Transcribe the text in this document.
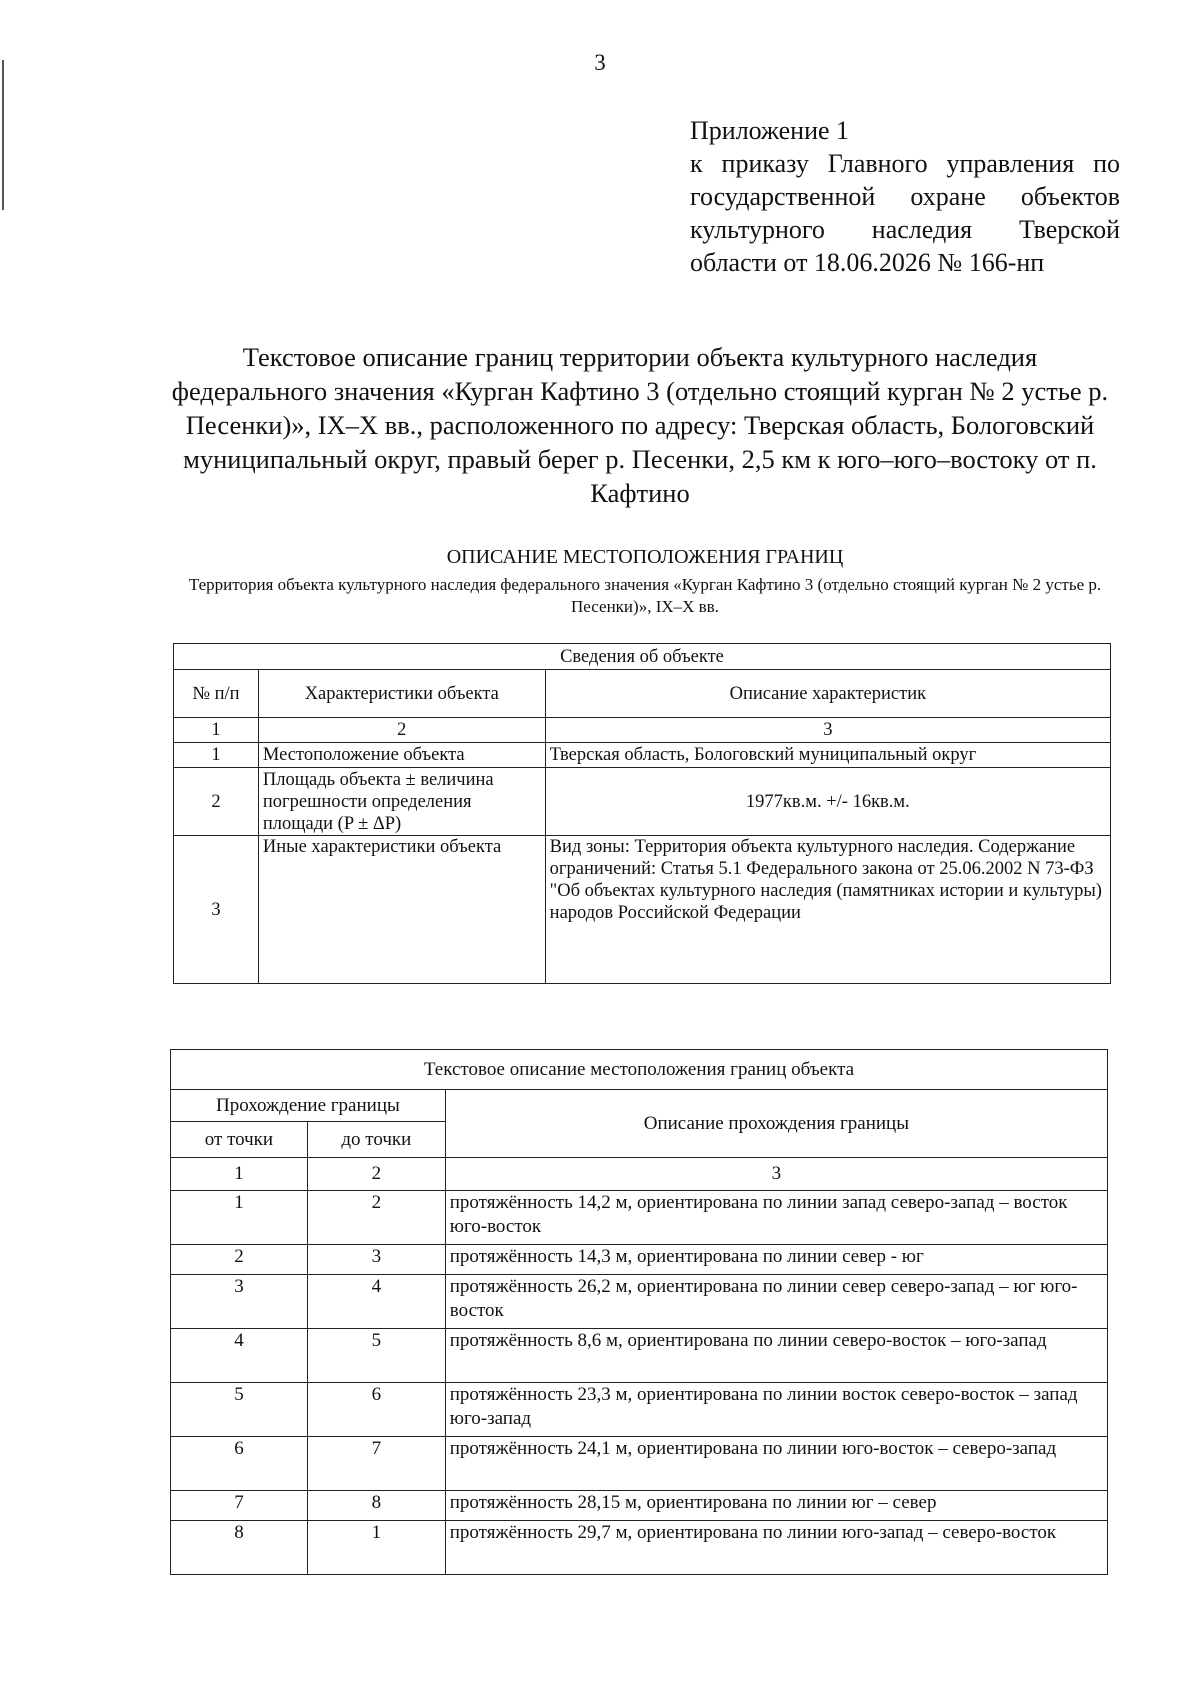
3
Приложение 1
к приказу Главного управления по государственной охране объектов культурного наследия Тверской области от 18.06.2026 № 166-нп
Текстовое описание границ территории объекта культурного наследия федерального значения «Курган Кафтино 3 (отдельно стоящий курган № 2 устье р. Песенки)», IX–X вв., расположенного по адресу: Тверская область, Бологовский муниципальный округ, правый берег р. Песенки, 2,5 км к юго–юго–востоку от п. Кафтино
ОПИСАНИЕ МЕСТОПОЛОЖЕНИЯ ГРАНИЦ
Территория объекта культурного наследия федерального значения «Курган Кафтино 3 (отдельно стоящий курган № 2 устье р. Песенки)», IX–X вв.
Сведения об объекте		
№ п/п	Характеристики объекта	Описание характеристик
1	2	3
1	Местоположение объекта	Тверская область, Бологовский муниципальный округ
2	Площадь объекта ± величина погрешности определения площади (P ± ΔP)	1977кв.м. +/- 16кв.м.
3	Иные характеристики объекта	Вид зоны: Территория объекта культурного наследия. Содержание ограничений: Статья 5.1 Федерального закона от 25.06.2002 N 73-ФЗ "Об объектах культурного наследия (памятниках истории и культуры) народов Российской Федерации
Текстовое описание местоположения границ объекта		
Прохождение границы		Описание прохождения границы
от точки	до точки	
1	2	3
1	2	протяжённость 14,2 м, ориентирована по линии запад северо-запад – восток юго-восток
2	3	протяжённость 14,3 м, ориентирована по линии север - юг
3	4	протяжённость 26,2 м, ориентирована по линии север северо-запад – юг юго-восток
4	5	протяжённость 8,6 м, ориентирована по линии северо-восток – юго-запад
5	6	протяжённость 23,3 м, ориентирована по линии восток северо-восток – запад юго-запад
6	7	протяжённость 24,1 м, ориентирована по линии юго-восток – северо-запад
7	8	протяжённость 28,15 м, ориентирована по линии юг – север
8	1	протяжённость 29,7 м, ориентирована по линии юго-запад – северо-восток
